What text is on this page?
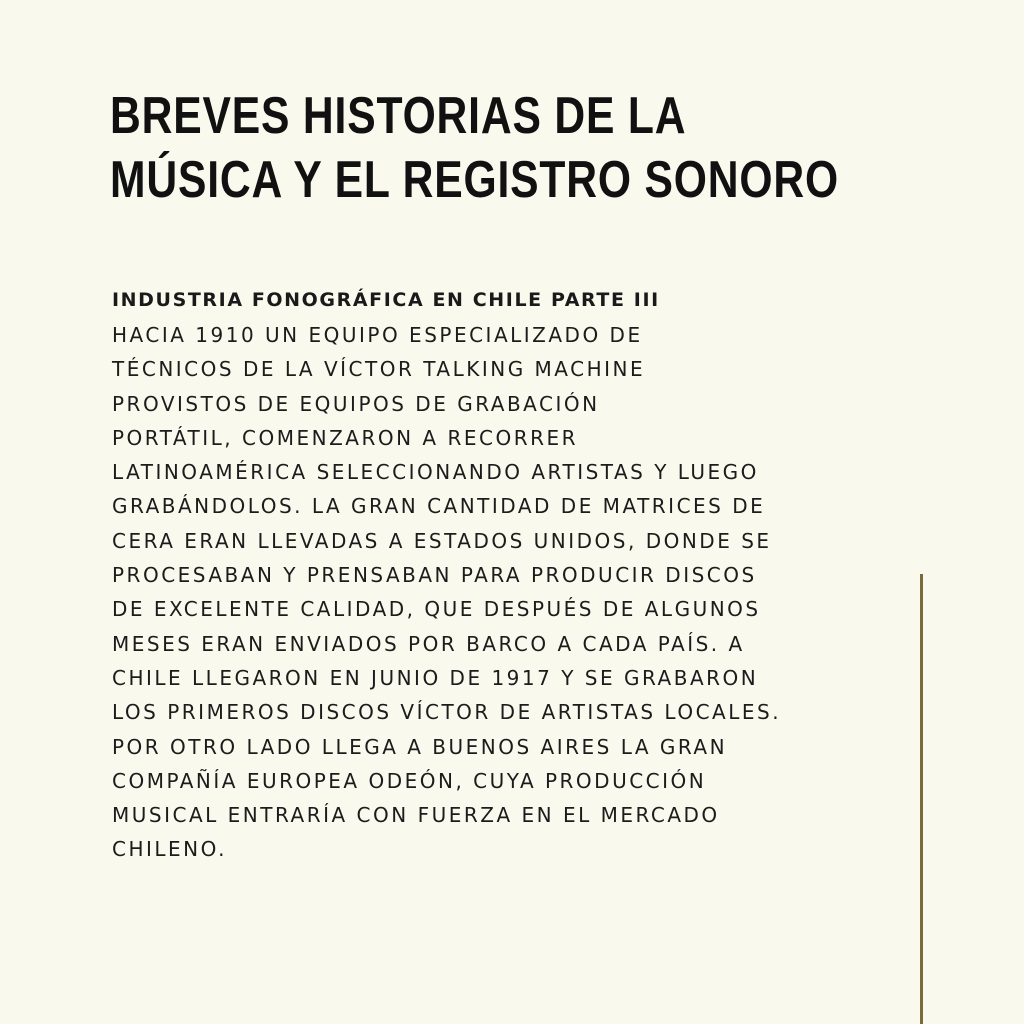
BREVES HISTORIAS DE LA
MÚSICA Y EL REGISTRO SONORO
INDUSTRIA FONOGRÁFICA EN CHILE PARTE III
HACIA 1910 UN EQUIPO ESPECIALIZADO DE
TÉCNICOS DE LA VÍCTOR TALKING MACHINE
PROVISTOS DE EQUIPOS DE GRABACIÓN
PORTÁTIL, COMENZARON A RECORRER
LATINOAMÉRICA SELECCIONANDO ARTISTAS Y LUEGO
GRABÁNDOLOS. LA GRAN CANTIDAD DE MATRICES DE
CERA ERAN LLEVADAS A ESTADOS UNIDOS, DONDE SE
PROCESABAN Y PRENSABAN PARA PRODUCIR DISCOS
DE EXCELENTE CALIDAD, QUE DESPUÉS DE ALGUNOS
MESES ERAN ENVIADOS POR BARCO A CADA PAÍS. A
CHILE LLEGARON EN JUNIO DE 1917 Y SE GRABARON
LOS PRIMEROS DISCOS VÍCTOR DE ARTISTAS LOCALES.
POR OTRO LADO LLEGA A BUENOS AIRES LA GRAN
COMPAÑÍA EUROPEA ODEÓN, CUYA PRODUCCIÓN
MUSICAL ENTRARÍA CON FUERZA EN EL MERCADO
CHILENO.
